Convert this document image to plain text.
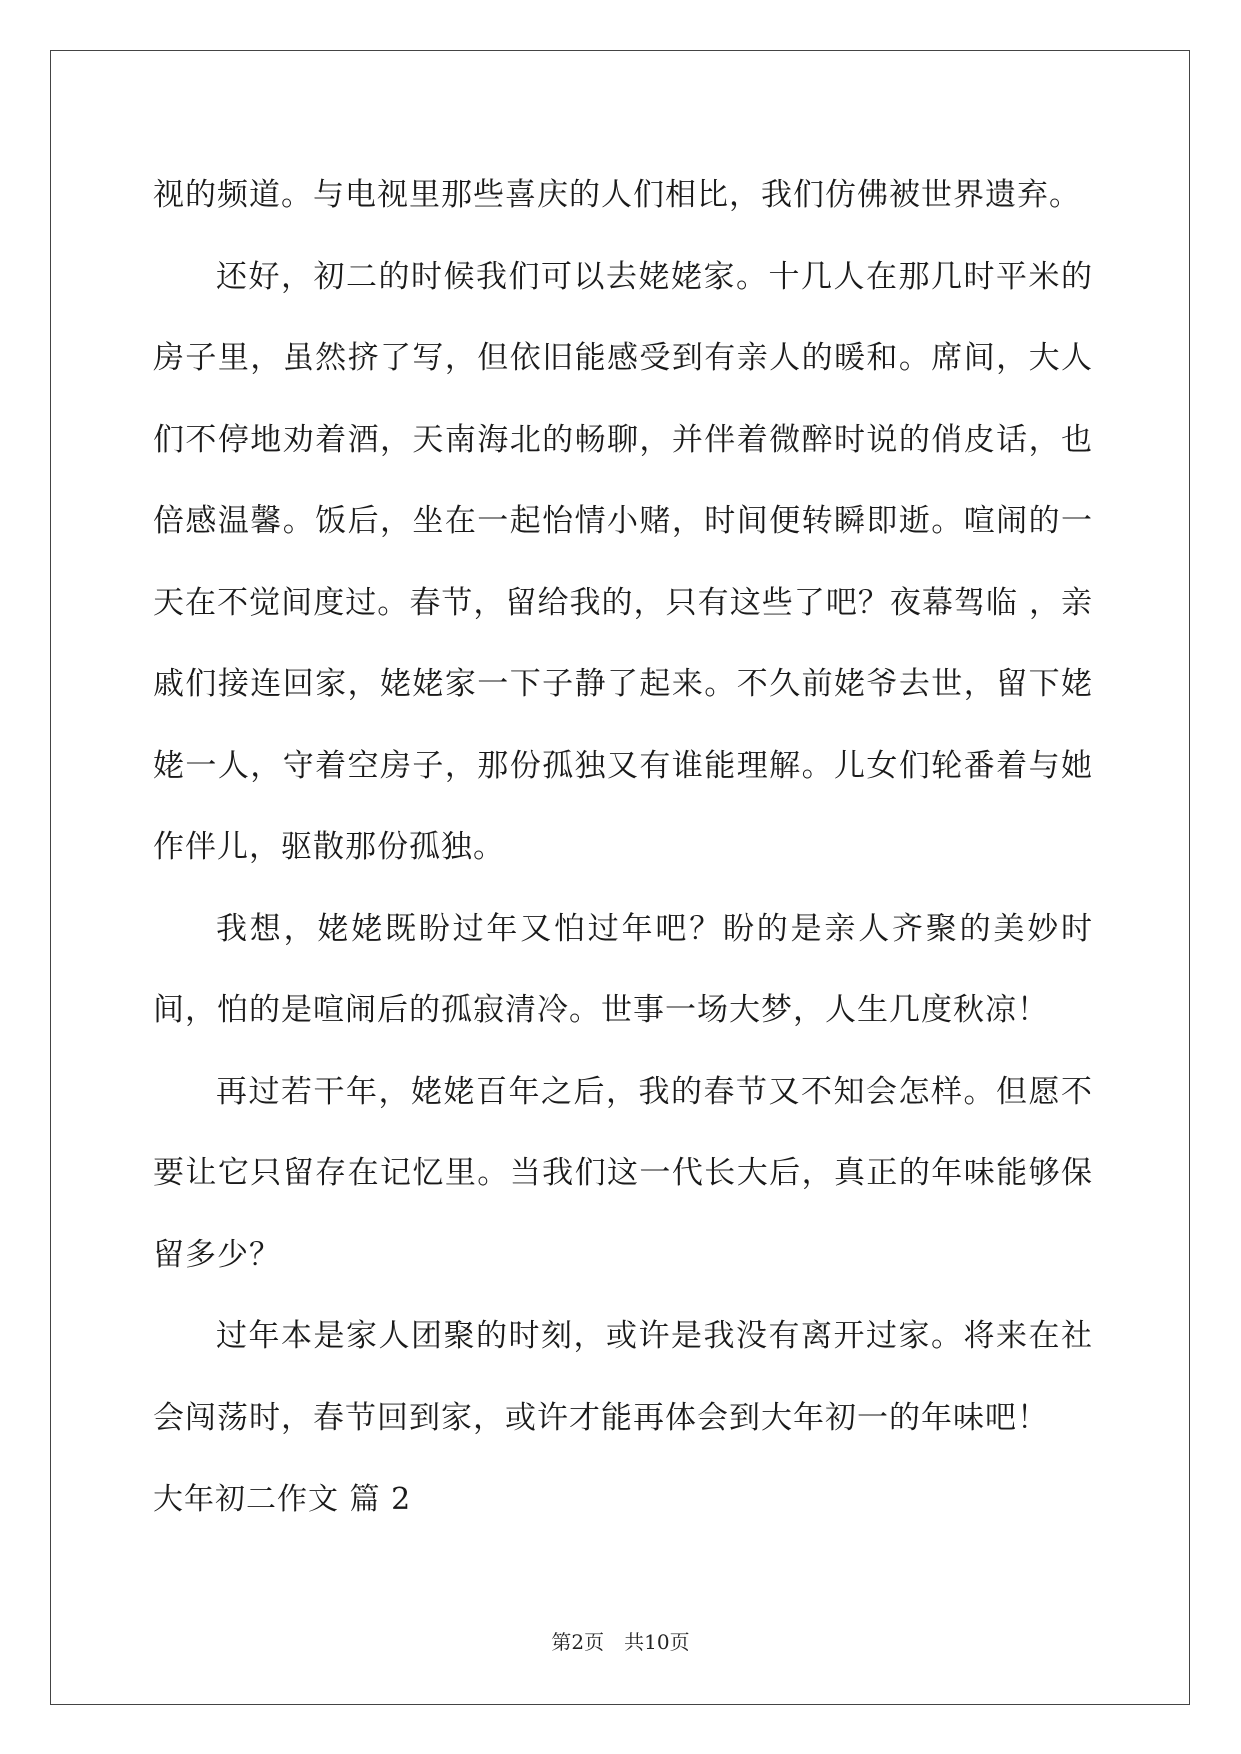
视的频道。与电视里那些喜庆的人们相比，我们仿佛被世界遗弃。

还好，初二的时候我们可以去姥姥家。十几人在那几时平米的房子里，虽然挤了写，但依旧能感受到有亲人的暖和。席间，大人们不停地劝着酒，天南海北的畅聊，并伴着微醉时说的俏皮话，也倍感温馨。饭后，坐在一起怡情小赌，时间便转瞬即逝。喧闹的一天在不觉间度过。春节，留给我的，只有这些了吧？夜幕驾临 ，亲戚们接连回家，姥姥家一下子静了起来。不久前姥爷去世，留下姥姥一人，守着空房子，那份孤独又有谁能理解。儿女们轮番着与她作伴儿，驱散那份孤独。

我想，姥姥既盼过年又怕过年吧？盼的是亲人齐聚的美妙时间，怕的是喧闹后的孤寂清冷。世事一场大梦，人生几度秋凉！

再过若干年，姥姥百年之后，我的春节又不知会怎样。但愿不要让它只留存在记忆里。当我们这一代长大后，真正的年味能够保留多少？

过年本是家人团聚的时刻，或许是我没有离开过家。将来在社会闯荡时，春节回到家，或许才能再体会到大年初一的年味吧！

大年初二作文 篇 2

第2页 共10页
